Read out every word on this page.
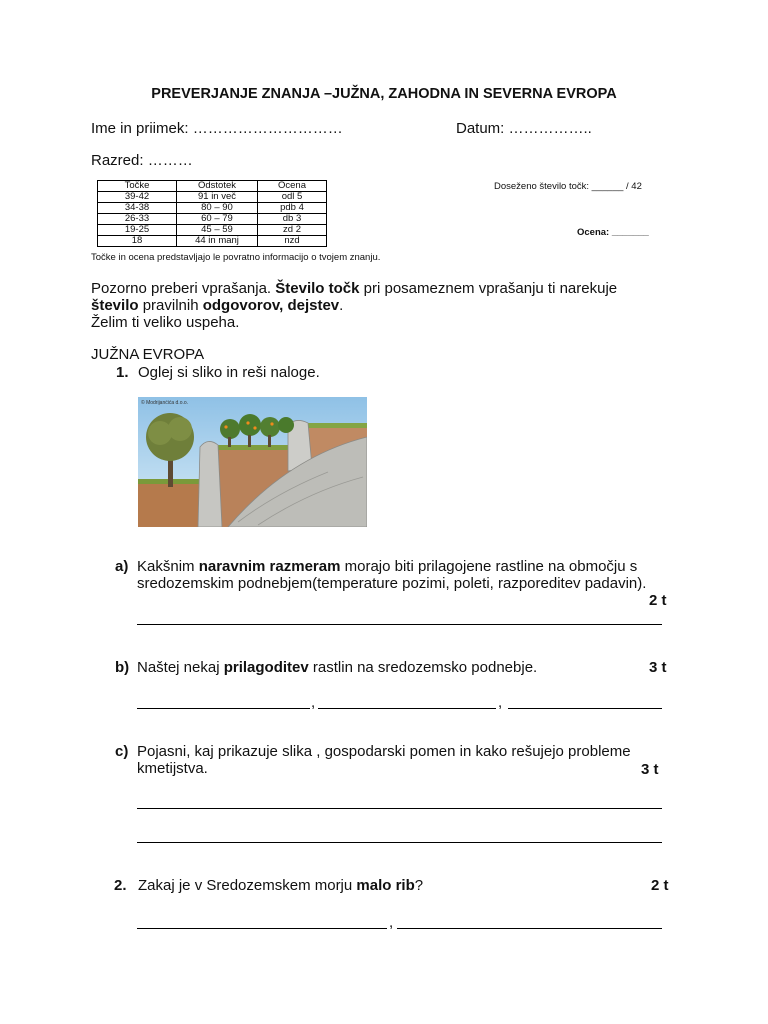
PREVERJANJE ZNANJA –JUŽNA, ZAHODNA IN SEVERNA EVROPA
Ime in priimek: …………………………	Datum: ……………..
Razred: ………
Točke	Odstotek	Ocena
39-42	91 in več	odl 5
34-38	80 – 90	pdb 4
26-33	60 – 79	db 3
19-25	45 – 59	zd 2
18	44 in manj	nzd
Točke in ocena predstavljajo le povratno informacijo o tvojem znanju.
Doseženo število točk: ______ / 42
Ocena: _______
Pozorno preberi vprašanja. Število točk pri posameznem vprašanju ti narekuje
število pravilnih odgovorov, dejstev.
Želim ti veliko uspeha.
JUŽNA EVROPA
1. Oglej si sliko in reši naloge.
© Modrijanćića d.o.o.
a) Kakšnim naravnim razmeram morajo biti prilagojene rastline na območju s sredozemskim podnebjem(temperature pozimi, poleti, razporeditev padavin).
2 t
b) Naštej nekaj prilagoditev rastlin na sredozemsko podnebje.	3 t
,	,
c) Pojasni, kaj prikazuje slika , gospodarski pomen in kako rešujejo probleme kmetijstva.	3 t
2. Zakaj je v Sredozemskem morju malo rib?	2 t
,
